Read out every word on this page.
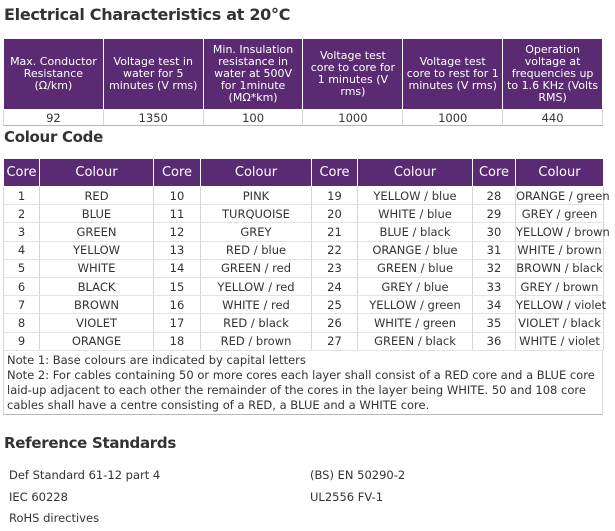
Electrical Characteristics at 20°C
Max. Conductor Resistance (Ω/km)	Voltage test in water for 5 minutes (V rms)	Min. Insulation resistance in water at 500V for 1minute (MΩ*km)	Voltage test core to core for 1 minutes (V rms)	Voltage test core to rest for 1 minutes (V rms)	Operation voltage at frequencies up to 1.6 KHz (Volts RMS)
92	1350	100	1000	1000	440
Colour Code
Core	Colour	Core	Colour	Core	Colour	Core	Colour
1	RED	10	PINK	19	YELLOW / blue	28	ORANGE / green
2	BLUE	11	TURQUOISE	20	WHITE / blue	29	GREY / green
3	GREEN	12	GREY	21	BLUE / black	30	YELLOW / brown
4	YELLOW	13	RED / blue	22	ORANGE / blue	31	WHITE / brown
5	WHITE	14	GREEN / red	23	GREEN / blue	32	BROWN / black
6	BLACK	15	YELLOW / red	24	GREY / blue	33	GREY / brown
7	BROWN	16	WHITE / red	25	YELLOW / green	34	YELLOW / violet
8	VIOLET	17	RED / black	26	WHITE / green	35	VIOLET / black
9	ORANGE	18	RED / brown	27	GREEN / black	36	WHITE / violet
Note 1: Base colours are indicated by capital letters
Note 2: For cables containing 50 or more cores each layer shall consist of a RED core and a BLUE core laid-up adjacent to each other the remainder of the cores in the layer being WHITE. 50 and 108 core cables shall have a centre consisting of a RED, a BLUE and a WHITE core.
Reference Standards
Def Standard 61-12 part 4	(BS) EN 50290-2
IEC 60228	UL2556 FV-1
RoHS directives
